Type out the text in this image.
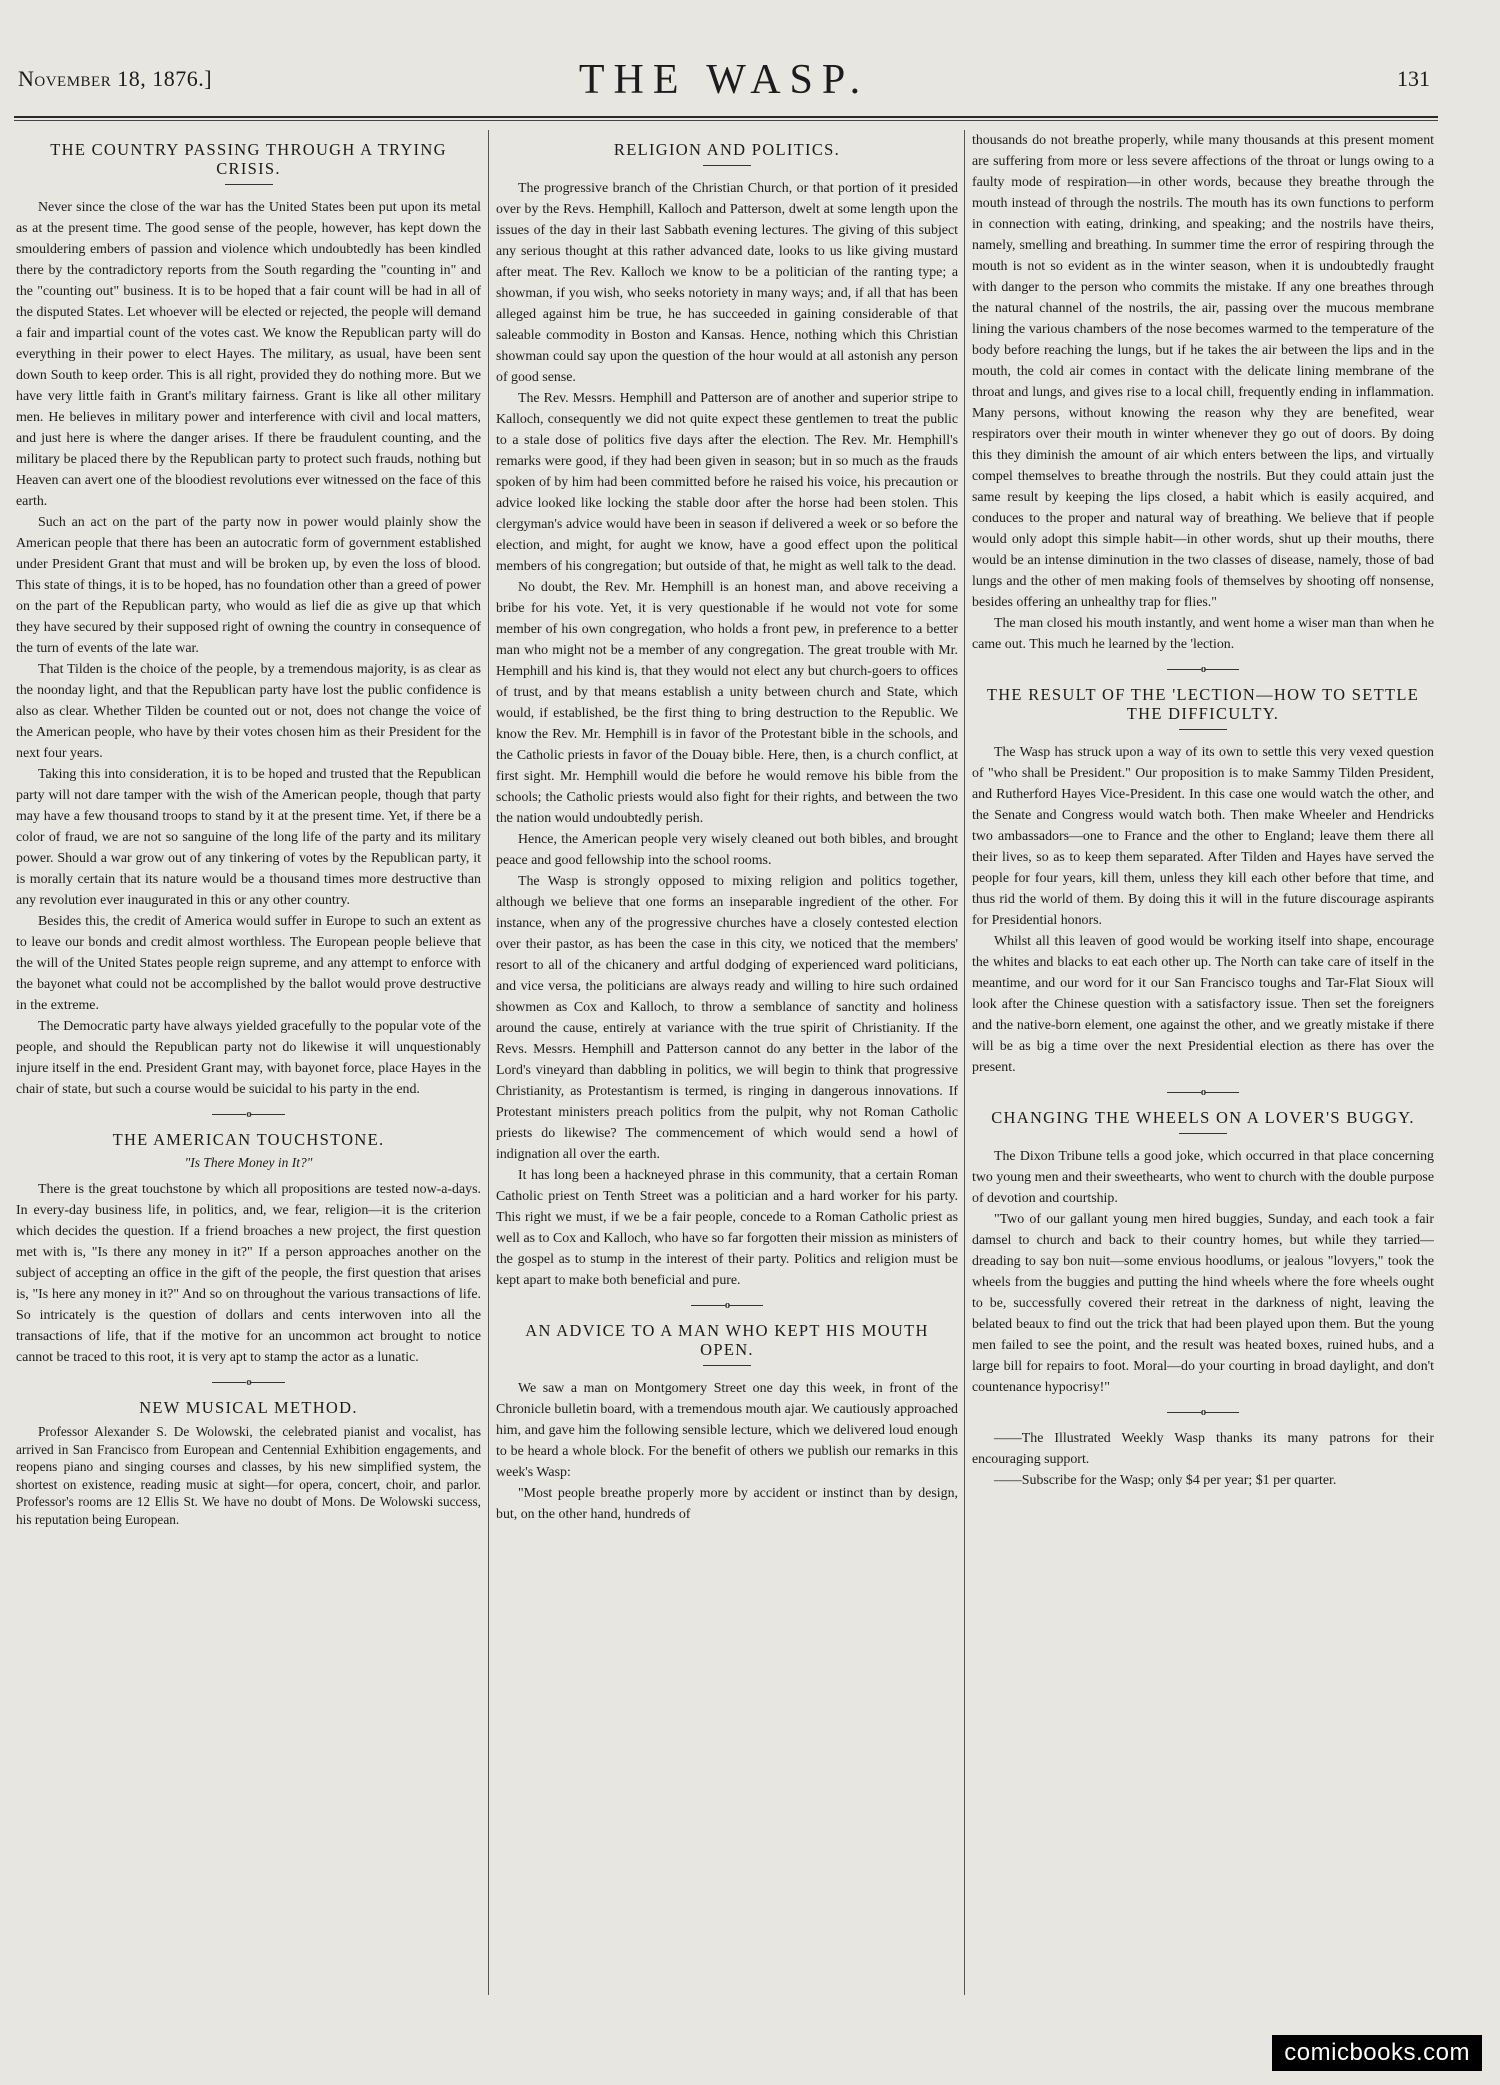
November 18, 1876.]	THE WASP.	131
THE COUNTRY PASSING THROUGH A TRYING CRISIS.

Never since the close of the war has the United States been put upon its metal as at the present time. The good sense of the people, however, has kept down the smouldering embers of passion and violence which undoubtedly has been kindled there by the contradictory reports from the South regarding the "counting in" and the "counting out" business. It is to be hoped that a fair count will be had in all of the disputed States. Let whoever will be elected or rejected, the people will demand a fair and impartial count of the votes cast. We know the Republican party will do everything in their power to elect Hayes. The military, as usual, have been sent down South to keep order. This is all right, provided they do nothing more. But we have very little faith in Grant's military fairness. Grant is like all other military men. He believes in military power and interference with civil and local matters, and just here is where the danger arises. If there be fraudulent counting, and the military be placed there by the Republican party to protect such frauds, nothing but Heaven can avert one of the bloodiest revolutions ever witnessed on the face of this earth.

Such an act on the part of the party now in power would plainly show the American people that there has been an autocratic form of government established under President Grant that must and will be broken up, by even the loss of blood. This state of things, it is to be hoped, has no foundation other than a greed of power on the part of the Republican party, who would as lief die as give up that which they have secured by their supposed right of owning the country in consequence of the turn of events of the late war.

That Tilden is the choice of the people, by a tremendous majority, is as clear as the noonday light, and that the Republican party have lost the public confidence is also as clear. Whether Tilden be counted out or not, does not change the voice of the American people, who have by their votes chosen him as their President for the next four years.

Taking this into consideration, it is to be hoped and trusted that the Republican party will not dare tamper with the wish of the American people, though that party may have a few thousand troops to stand by it at the present time. Yet, if there be a color of fraud, we are not so sanguine of the long life of the party and its military power. Should a war grow out of any tinkering of votes by the Republican party, it is morally certain that its nature would be a thousand times more destructive than any revolution ever inaugurated in this or any other country.

Besides this, the credit of America would suffer in Europe to such an extent as to leave our bonds and credit almost worthless. The European people believe that the will of the United States people reign supreme, and any attempt to enforce with the bayonet what could not be accomplished by the ballot would prove destructive in the extreme.

The Democratic party have always yielded gracefully to the popular vote of the people, and should the Republican party not do likewise it will unquestionably injure itself in the end. President Grant may, with bayonet force, place Hayes in the chair of state, but such a course would be suicidal to his party in the end.

o
THE AMERICAN TOUCHSTONE.
"Is There Money in It?"

There is the great touchstone by which all propositions are tested now-a-days. In every-day business life, in politics, and, we fear, religion—it is the criterion which decides the question. If a friend broaches a new project, the first question met with is, "Is there any money in it?" If a person approaches another on the subject of accepting an office in the gift of the people, the first question that arises is, "Is here any money in it?" And so on throughout the various transactions of life. So intricately is the question of dollars and cents interwoven into all the transactions of life, that if the motive for an uncommon act brought to notice cannot be traced to this root, it is very apt to stamp the actor as a lunatic.

o
NEW MUSICAL METHOD.

Professor Alexander S. De Wolowski, the celebrated pianist and vocalist, has arrived in San Francisco from European and Centennial Exhibition engagements, and reopens piano and singing courses and classes, by his new simplified system, the shortest on existence, reading music at sight—for opera, concert, choir, and parlor. Professor's rooms are 12 Ellis St. We have no doubt of Mons. De Wolowski success, his reputation being European.

RELIGION AND POLITICS.

The progressive branch of the Christian Church, or that portion of it presided over by the Revs. Hemphill, Kalloch and Patterson, dwelt at some length upon the issues of the day in their last Sabbath evening lectures. The giving of this subject any serious thought at this rather advanced date, looks to us like giving mustard after meat. The Rev. Kalloch we know to be a politician of the ranting type; a showman, if you wish, who seeks notoriety in many ways; and, if all that has been alleged against him be true, he has succeeded in gaining considerable of that saleable commodity in Boston and Kansas. Hence, nothing which this Christian showman could say upon the question of the hour would at all astonish any person of good sense.

The Rev. Messrs. Hemphill and Patterson are of another and superior stripe to Kalloch, consequently we did not quite expect these gentlemen to treat the public to a stale dose of politics five days after the election. The Rev. Mr. Hemphill's remarks were good, if they had been given in season; but in so much as the frauds spoken of by him had been committed before he raised his voice, his precaution or advice looked like locking the stable door after the horse had been stolen. This clergyman's advice would have been in season if delivered a week or so before the election, and might, for aught we know, have a good effect upon the political members of his congregation; but outside of that, he might as well talk to the dead.

No doubt, the Rev. Mr. Hemphill is an honest man, and above receiving a bribe for his vote. Yet, it is very questionable if he would not vote for some member of his own congregation, who holds a front pew, in preference to a better man who might not be a member of any congregation. The great trouble with Mr. Hemphill and his kind is, that they would not elect any but church-goers to offices of trust, and by that means establish a unity between church and State, which would, if established, be the first thing to bring destruction to the Republic. We know the Rev. Mr. Hemphill is in favor of the Protestant bible in the schools, and the Catholic priests in favor of the Douay bible. Here, then, is a church conflict, at first sight. Mr. Hemphill would die before he would remove his bible from the schools; the Catholic priests would also fight for their rights, and between the two the nation would undoubtedly perish.

Hence, the American people very wisely cleaned out both bibles, and brought peace and good fellowship into the school rooms.

The Wasp is strongly opposed to mixing religion and politics together, although we believe that one forms an inseparable ingredient of the other. For instance, when any of the progressive churches have a closely contested election over their pastor, as has been the case in this city, we noticed that the members' resort to all of the chicanery and artful dodging of experienced ward politicians, and vice versa, the politicians are always ready and willing to hire such ordained showmen as Cox and Kalloch, to throw a semblance of sanctity and holiness around the cause, entirely at variance with the true spirit of Christianity. If the Revs. Messrs. Hemphill and Patterson cannot do any better in the labor of the Lord's vineyard than dabbling in politics, we will begin to think that progressive Christianity, as Protestantism is termed, is ringing in dangerous innovations. If Protestant ministers preach politics from the pulpit, why not Roman Catholic priests do likewise? The commencement of which would send a howl of indignation all over the earth.

It has long been a hackneyed phrase in this community, that a certain Roman Catholic priest on Tenth Street was a politician and a hard worker for his party. This right we must, if we be a fair people, concede to a Roman Catholic priest as well as to Cox and Kalloch, who have so far forgotten their mission as ministers of the gospel as to stump in the interest of their party. Politics and religion must be kept apart to make both beneficial and pure.

o
AN ADVICE TO A MAN WHO KEPT HIS MOUTH OPEN.

We saw a man on Montgomery Street one day this week, in front of the Chronicle bulletin board, with a tremendous mouth ajar. We cautiously approached him, and gave him the following sensible lecture, which we delivered loud enough to be heard a whole block. For the benefit of others we publish our remarks in this week's Wasp:

"Most people breathe properly more by accident or instinct than by design, but, on the other hand, hundreds of

thousands do not breathe properly, while many thousands at this present moment are suffering from more or less severe affections of the throat or lungs owing to a faulty mode of respiration—in other words, because they breathe through the mouth instead of through the nostrils. The mouth has its own functions to perform in connection with eating, drinking, and speaking; and the nostrils have theirs, namely, smelling and breathing. In summer time the error of respiring through the mouth is not so evident as in the winter season, when it is undoubtedly fraught with danger to the person who commits the mistake. If any one breathes through the natural channel of the nostrils, the air, passing over the mucous membrane lining the various chambers of the nose becomes warmed to the temperature of the body before reaching the lungs, but if he takes the air between the lips and in the mouth, the cold air comes in contact with the delicate lining membrane of the throat and lungs, and gives rise to a local chill, frequently ending in inflammation. Many persons, without knowing the reason why they are benefited, wear respirators over their mouth in winter whenever they go out of doors. By doing this they diminish the amount of air which enters between the lips, and virtually compel themselves to breathe through the nostrils. But they could attain just the same result by keeping the lips closed, a habit which is easily acquired, and conduces to the proper and natural way of breathing. We believe that if people would only adopt this simple habit—in other words, shut up their mouths, there would be an intense diminution in the two classes of disease, namely, those of bad lungs and the other of men making fools of themselves by shooting off nonsense, besides offering an unhealthy trap for flies."

The man closed his mouth instantly, and went home a wiser man than when he came out. This much he learned by the 'lection.

o
THE RESULT OF THE 'LECTION—HOW TO SETTLE THE DIFFICULTY.

The Wasp has struck upon a way of its own to settle this very vexed question of "who shall be President." Our proposition is to make Sammy Tilden President, and Rutherford Hayes Vice-President. In this case one would watch the other, and the Senate and Congress would watch both. Then make Wheeler and Hendricks two ambassadors—one to France and the other to England; leave them there all their lives, so as to keep them separated. After Tilden and Hayes have served the people for four years, kill them, unless they kill each other before that time, and thus rid the world of them. By doing this it will in the future discourage aspirants for Presidential honors.

Whilst all this leaven of good would be working itself into shape, encourage the whites and blacks to eat each other up. The North can take care of itself in the meantime, and our word for it our San Francisco toughs and Tar-Flat Sioux will look after the Chinese question with a satisfactory issue. Then set the foreigners and the native-born element, one against the other, and we greatly mistake if there will be as big a time over the next Presidential election as there has over the present.

o
CHANGING THE WHEELS ON A LOVER'S BUGGY.

The Dixon Tribune tells a good joke, which occurred in that place concerning two young men and their sweethearts, who went to church with the double purpose of devotion and courtship.

"Two of our gallant young men hired buggies, Sunday, and each took a fair damsel to church and back to their country homes, but while they tarried—dreading to say bon nuit—some envious hoodlums, or jealous "lovyers," took the wheels from the buggies and putting the hind wheels where the fore wheels ought to be, successfully covered their retreat in the darkness of night, leaving the belated beaux to find out the trick that had been played upon them. But the young men failed to see the point, and the result was heated boxes, ruined hubs, and a large bill for repairs to foot. Moral—do your courting in broad daylight, and don't countenance hypocrisy!"

o

——The Illustrated Weekly Wasp thanks its many patrons for their encouraging support.

——Subscribe for the Wasp; only $4 per year; $1 per quarter.

comicbooks.com
